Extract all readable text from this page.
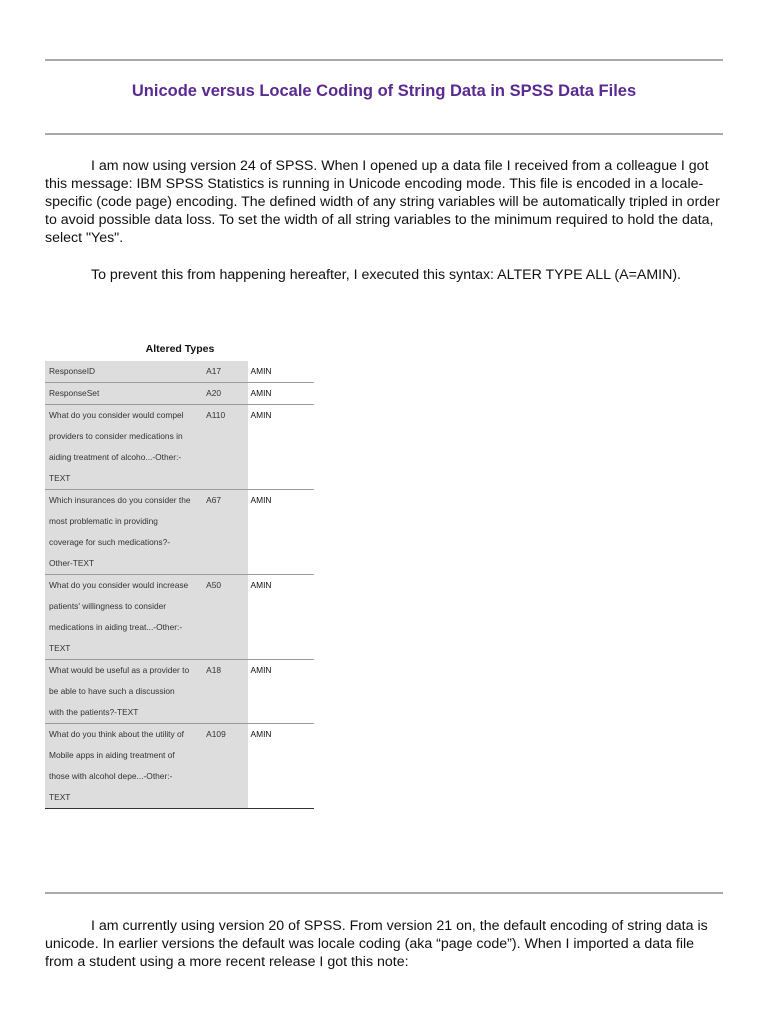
Unicode versus Locale Coding of String Data in SPSS Data Files

I am now using version 24 of SPSS. When I opened up a data file I received from a colleague I got this message: IBM SPSS Statistics is running in Unicode encoding mode. This file is encoded in a locale-specific (code page) encoding. The defined width of any string variables will be automatically tripled in order to avoid possible data loss. To set the width of all string variables to the minimum required to hold the data, select "Yes".

To prevent this from happening hereafter, I executed this syntax: ALTER TYPE ALL (A=AMIN).

Altered Types
ResponseID	A17	AMIN

ResponseSet	A20	AMIN

What do you consider would compel
providers to consider medications in
aiding treatment of alcoho...-Other:-
TEXT	A110	AMIN

Which insurances do you consider the
most problematic in providing
coverage for such medications?-
Other-TEXT	A67	AMIN

What do you consider would increase
patients' willingness to consider
medications in aiding treat...-Other:-
TEXT	A50	AMIN

What would be useful as a provider to
be able to have such a discussion
with the patients?-TEXT	A18	AMIN

What do you think about the utility of
Mobile apps in aiding treatment of
those with alcohol depe...-Other:-
TEXT	A109	AMIN

I am currently using version 20 of SPSS. From version 21 on, the default encoding of string data is unicode. In earlier versions the default was locale coding (aka “page code”). When I imported a data file from a student using a more recent release I got this note:
